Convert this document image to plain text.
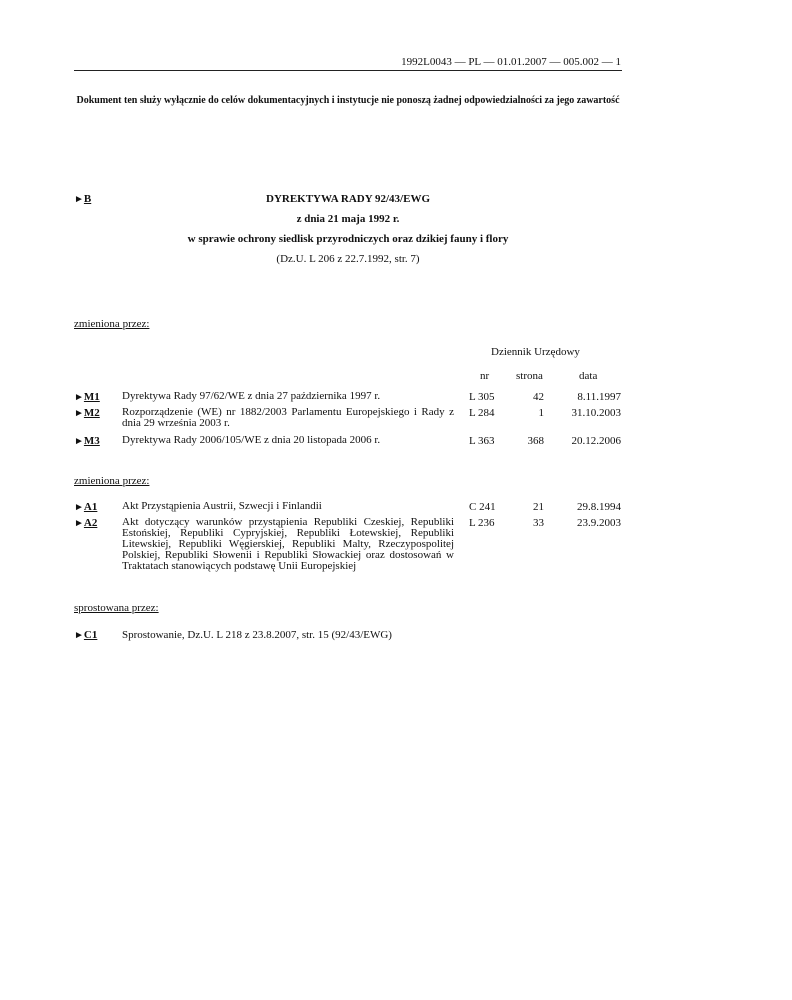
1992L0043 — PL — 01.01.2007 — 005.002 — 1
Dokument ten służy wyłącznie do celów dokumentacyjnych i instytucje nie ponoszą żadnej odpowiedzialności za jego zawartość
►B	DYREKTYWA RADY 92/43/EWG
z dnia 21 maja 1992 r.
w sprawie ochrony siedlisk przyrodniczych oraz dzikiej fauny i flory
(Dz.U. L 206 z 22.7.1992, str. 7)
zmieniona przez:
Dziennik Urzędowy
nr strona	data
►M1 Dyrektywa Rady 97/62/WE z dnia 27 października 1997 r.	L 305	42	8.11.1997
►M2 Rozporządzenie (WE) nr 1882/2003 Parlamentu Europejskiego i Rady z dnia 29 września 2003 r.
L 284	1	31.10.2003
►M3 Dyrektywa Rady 2006/105/WE z dnia 20 listopada 2006 r.	L 363	368	20.12.2006
zmieniona przez:
►A1 Akt Przystąpienia Austrii, Szwecji i Finlandii	C 241	21	29.8.1994
►A2 Akt dotyczący warunków przystąpienia Republiki Czeskiej, Republiki Estońskiej, Republiki Cypryjskiej, Republiki Łotewskiej, Republiki Litewskiej, Republiki Węgierskiej, Republiki Malty, Rzeczypospolitej Polskiej, Republiki Słowenii i Republiki Słowackiej oraz dostosowań w Traktatach stanowiących podstawę Unii Europejskiej
L 236	33	23.9.2003
sprostowana przez:
►C1 Sprostowanie, Dz.U. L 218 z 23.8.2007, str. 15 (92/43/EWG)
